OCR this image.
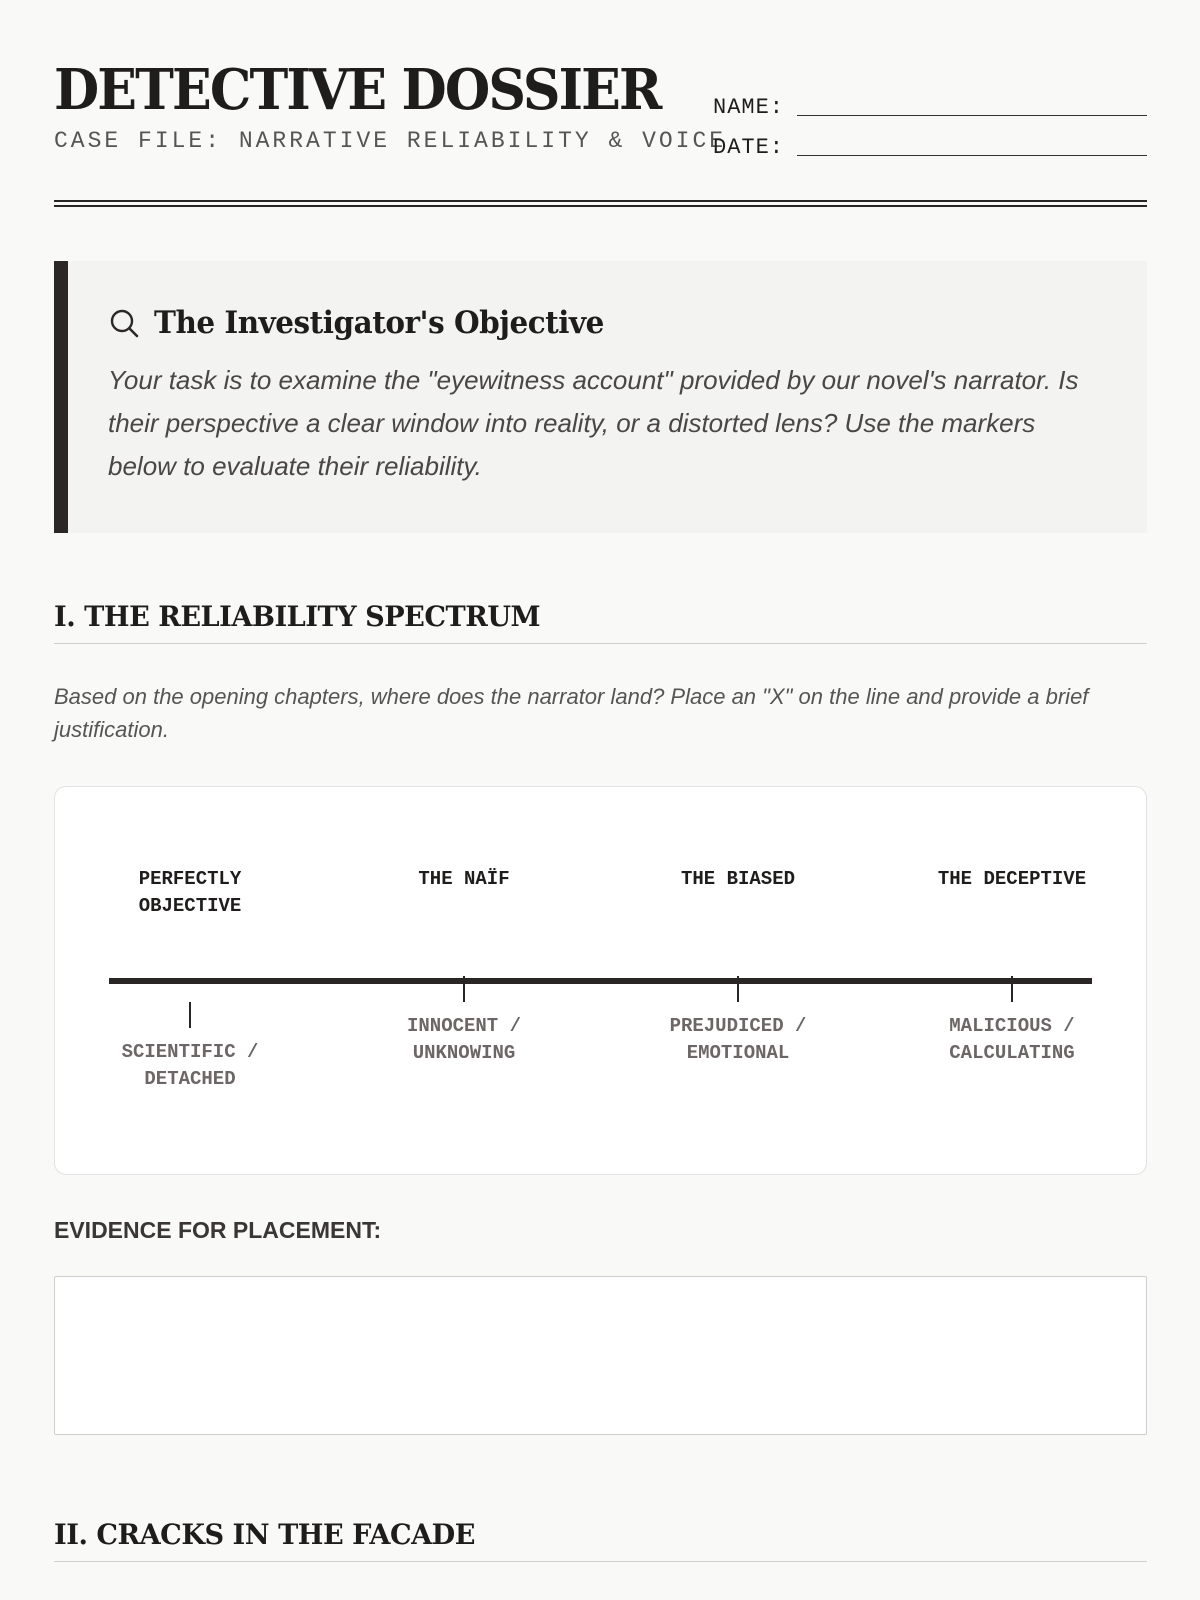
DETECTIVE DOSSIER
CASE FILE: NARRATIVE RELIABILITY & VOICE
NAME:
DATE:
The Investigator's Objective
Your task is to examine the "eyewitness account" provided by our novel's narrator. Is their perspective a clear window into reality, or a distorted lens? Use the markers below to evaluate their reliability.
I. THE RELIABILITY SPECTRUM
Based on the opening chapters, where does the narrator land? Place an "X" on the line and provide a brief justification.
PERFECTLY
OBJECTIVE
THE NAÏF	THE BIASED	THE DECEPTIVE
SCIENTIFIC /
DETACHED
INNOCENT /
UNKNOWING
PREJUDICED /
EMOTIONAL
MALICIOUS /
CALCULATING
EVIDENCE FOR PLACEMENT:
II. CRACKS IN THE FACADE
